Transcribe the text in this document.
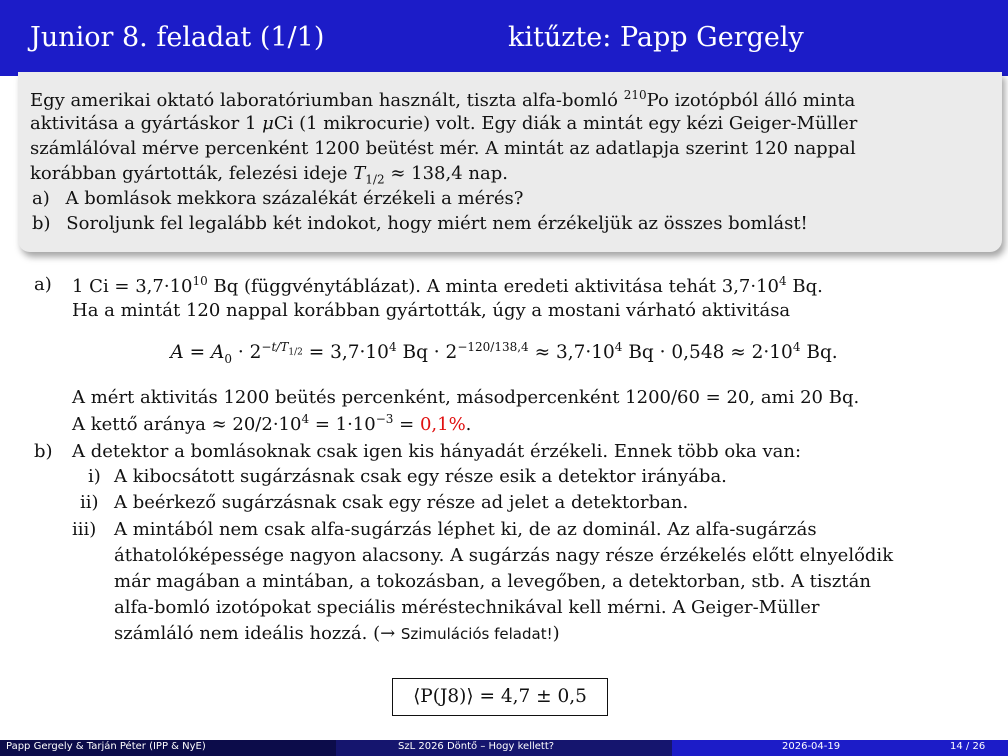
Junior 8. feladat (1/1)	kitűzte: Papp Gergely
Egy amerikai oktató laboratóriumban használt, tiszta alfa-bomló $^{210}$Po izotópból álló minta
aktivitása a gyártáskor 1 μCi (1 mikrocurie) volt. Egy diák a mintát egy kézi Geiger-Müller
számlálóval mérve percenként 1200 beütést mér. A mintát az adatlapja szerint 120 nappal
korábban gyártották, felezési ideje $T_{1/2} \approx 138,4$ nap.
a) A bomlások mekkora százalékát érzékeli a mérés?
b) Soroljunk fel legalább két indokot, hogy miért nem érzékeljük az összes bomlást!
a) 1 $Ci = 3,7\cdot 10^{10}$ Bq (függvénytáblázat). A minta eredeti aktivitása tehát $3,7\cdot 10^4$ Bq.
Ha a mintát 120 nappal korábban gyártották, úgy a mostani várható aktivitása
$A = A_0 \cdot 2^{-t/T_{1/2}} = 3,7\cdot 10^4$ $Bq \cdot 2^{-120/138,4} \approx 3,7\cdot 10^4$ $Bq \cdot 0,548 \approx 2\cdot 10^4$ Bq.
A mért aktivitás 1200 beütés percenként, másodpercenként 1200/60 = 20, ami 20 Bq.
A kettő aránya ≈ $20/2\cdot 10^4 = 1\cdot 10^{-3} = 0,1\%$.
b) A detektor a bomlásoknak csak igen kis hányadát érzékeli. Ennek több oka van:
i) A kibocsátott sugárzásnak csak egy része esik a detektor irányába.
ii) A beérkező sugárzásnak csak egy része ad jelet a detektorban.
iii) A mintából nem csak alfa-sugárzás léphet ki, de az dominál. Az alfa-sugárzás
áthatolóképessége nagyon alacsony. A sugárzás nagy része érzékelés előtt elnyelődik
már magában a mintában, a tokozásban, a levegőben, a detektorban, stb. A tisztán
alfa-bomló izotópokat speciális méréstechnikával kell mérni. A Geiger-Müller
számláló nem ideális hozzá. (→ Szimulációs feladat!)
⟨P(J8)⟩ = 4,7 ± 0,5
Papp Gergely & Tarján Péter (IPP & NyE)	SzL 2026 Döntő – Hogy kellett?	2026-04-19	14 / 26
